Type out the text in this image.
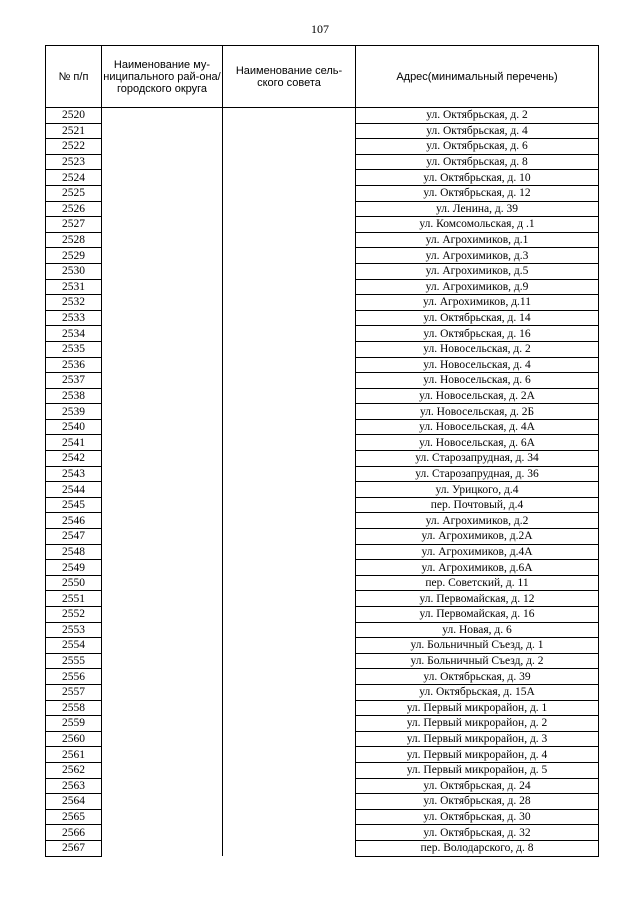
107
№ п/п	Наименование му-ниципального рай-она/ городского округа	Наименование сель-ского совета	Адрес(минимальный перечень)
2520			ул. Октябрьская, д. 2
2521			ул. Октябрьская, д. 4
2522			ул. Октябрьская, д. 6
2523			ул. Октябрьская, д. 8
2524			ул. Октябрьская, д. 10
2525			ул. Октябрьская, д. 12
2526			ул. Ленина, д. 39
2527			ул. Комсомольская, д .1
2528			ул. Агрохимиков, д.1
2529			ул. Агрохимиков, д.3
2530			ул. Агрохимиков, д.5
2531			ул. Агрохимиков, д.9
2532			ул. Агрохимиков, д.11
2533			ул. Октябрьская, д. 14
2534			ул. Октябрьская, д. 16
2535			ул. Новосельская, д. 2
2536			ул. Новосельская, д. 4
2537			ул. Новосельская, д. 6
2538			ул. Новосельская, д. 2А
2539			ул. Новосельская, д. 2Б
2540			ул. Новосельская, д. 4А
2541			ул. Новосельская, д. 6А
2542			ул. Старозапрудная, д. 34
2543			ул. Старозапрудная, д. 36
2544			ул. Урицкого, д.4
2545			пер. Почтовый, д.4
2546			ул. Агрохимиков, д.2
2547			ул. Агрохимиков, д.2А
2548			ул. Агрохимиков, д.4А
2549			ул. Агрохимиков, д.6А
2550			пер. Советский, д. 11
2551			ул. Первомайская, д. 12
2552			ул. Первомайская, д. 16
2553			ул. Новая, д. 6
2554			ул. Больничный Съезд, д. 1
2555			ул. Больничный Съезд, д. 2
2556			ул. Октябрьская, д. 39
2557			ул. Октябрьская, д. 15А
2558			ул. Первый микрорайон, д. 1
2559			ул. Первый микрорайон, д. 2
2560			ул. Первый микрорайон, д. 3
2561			ул. Первый микрорайон, д. 4
2562			ул. Первый микрорайон, д. 5
2563			ул. Октябрьская, д. 24
2564			ул. Октябрьская, д. 28
2565			ул. Октябрьская, д. 30
2566			ул. Октябрьская, д. 32
2567			пер. Володарского, д. 8
